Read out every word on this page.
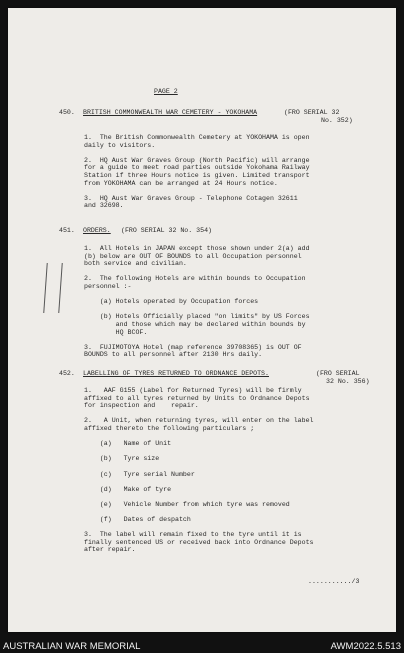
PAGE 2
450. BRITISH COMMONWEALTH WAR CEMETERY - YOKOHAMA	(FRO SERIAL 32
No. 352)
1.  The British Commonwealth Cemetery at YOKOHAMA is open
daily to visitors.

2.  HQ Aust War Graves Group (North Pacific) will arrange
for a guide to meet road parties outside Yokohama Railway
Station if three Hours notice is given. Limited transport
from YOKOHAMA can be arranged at 24 Hours notice.

3.  HQ Aust War Graves Group - Telephone Cotagen 32611
and 32698.
451. ORDERS. (FRO SERIAL 32 No. 354)
1.  All Hotels in JAPAN except those shown under 2(a) add
(b) below are OUT OF BOUNDS to all Occupation personnel
both service and civilian.

2.  The following Hotels are within bounds to Occupation
personnel :-

(a) Hotels operated by Occupation forces

(b) Hotels Officially placed "on limits" by US Forces
and those which may be declared within bounds by
HQ BCOF.

3.  FUJIMOTOYA Hotel (map reference 39708365) is OUT OF
BOUNDS to all personnel after 2130 Hrs daily.
452. LABELLING OF TYRES RETURNED TO ORDNANCE DEPOTS.	(FRO SERIAL
32 No. 356)
1.   AAF G155 (Label for Returned Tyres) will be firmly
affixed to all tyres returned by Units to Ordnance Depots
for inspection and    repair.

2.   A Unit, when returning tyres, will enter on the label
affixed thereto the following particulars ;

(a)   Name of Unit

(b)   Tyre size

(c)   Tyre serial Number

(d)   Make of tyre

(e)   Vehicle Number from which tyre was removed

(f)   Dates of despatch

3.  The label will remain fixed to the tyre until it is
finally sentenced US or received back into Ordnance Depots
after repair.
.........../3
AUSTRALIAN WAR MEMORIAL	AWM2022.5.513
